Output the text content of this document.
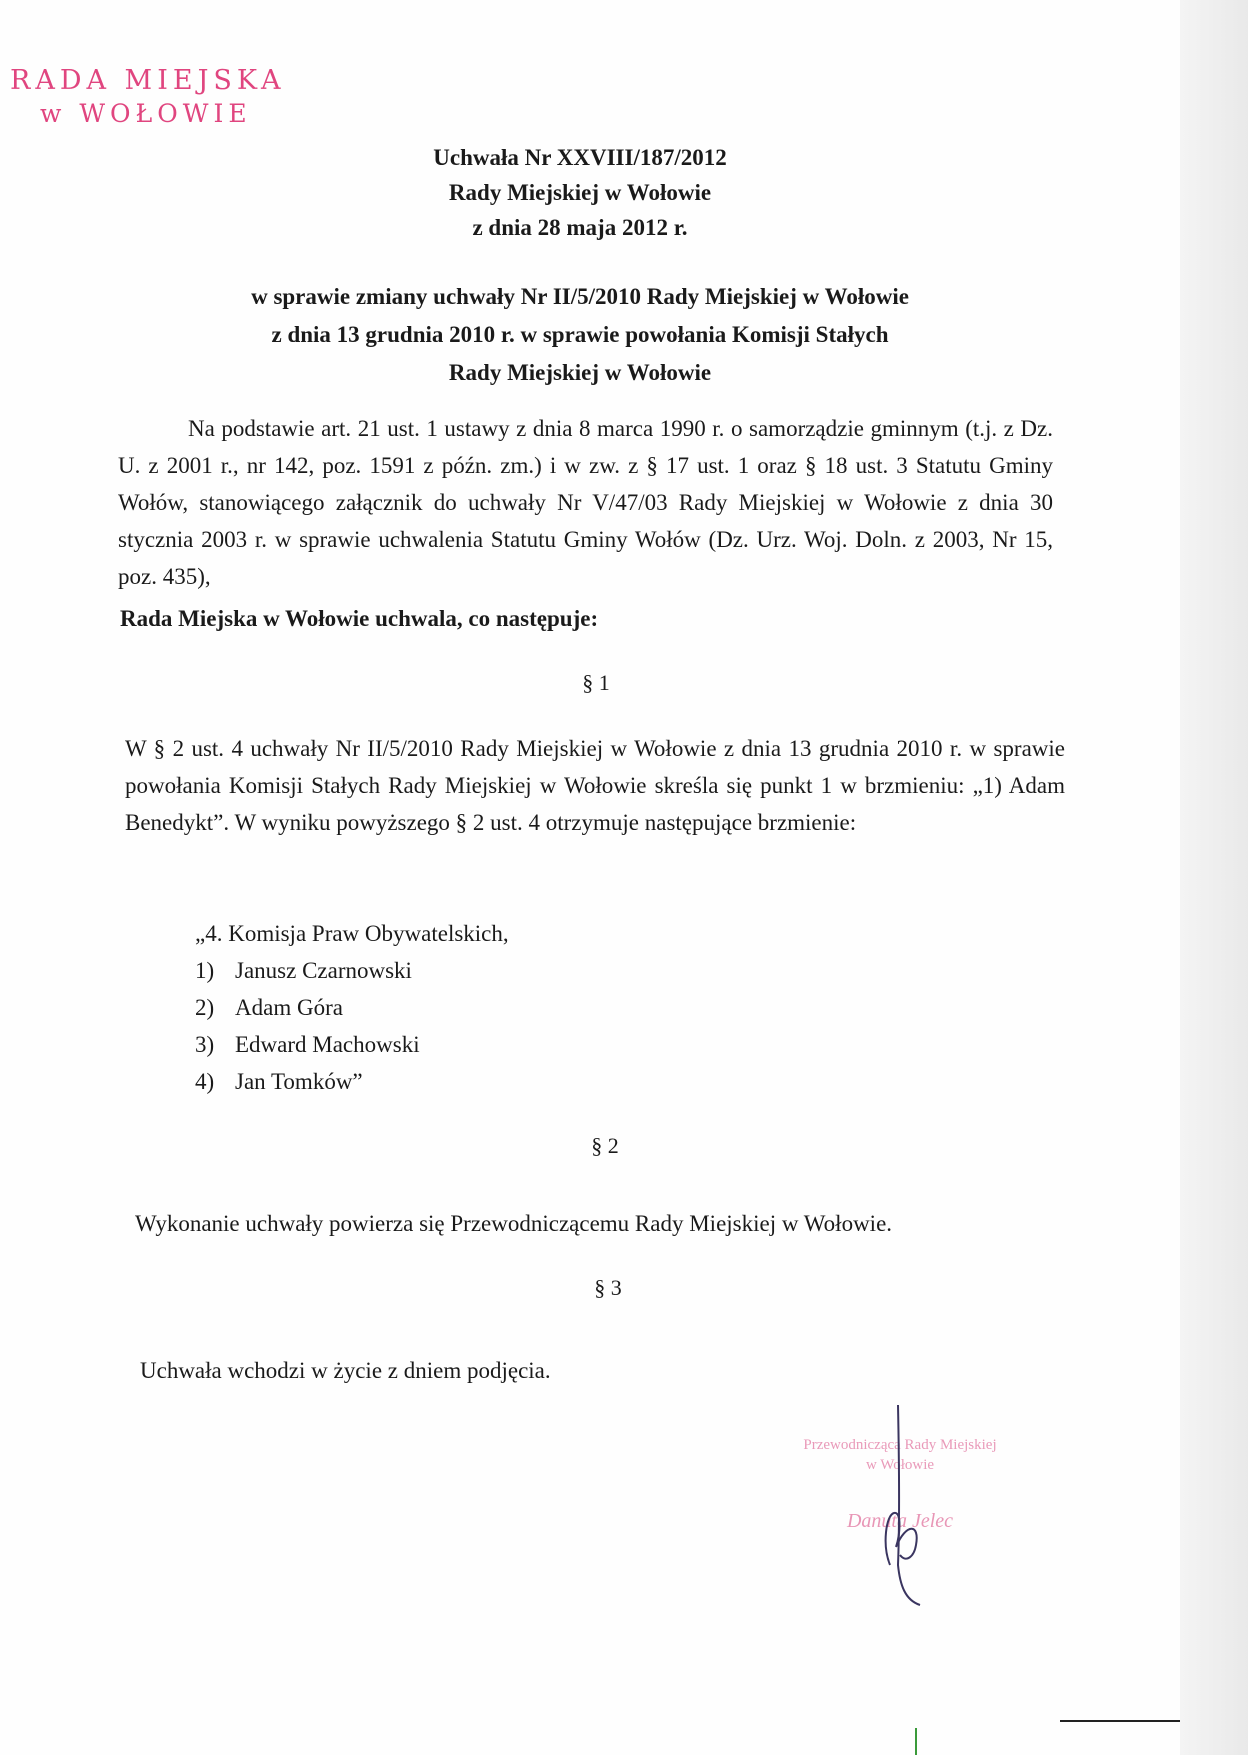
RADA MIEJSKA
w WOŁOWIE
Uchwała Nr XXVIII/187/2012
Rady Miejskiej w Wołowie
z dnia 28 maja 2012 r.
w sprawie zmiany uchwały Nr II/5/2010 Rady Miejskiej w Wołowie
z dnia 13 grudnia 2010 r. w sprawie powołania Komisji Stałych
Rady Miejskiej w Wołowie
Na podstawie art. 21 ust. 1 ustawy z dnia 8 marca 1990 r. o samorządzie gminnym (t.j. z Dz. U. z 2001 r., nr 142, poz. 1591 z późn. zm.) i w zw. z § 17 ust. 1 oraz § 18 ust. 3 Statutu Gminy Wołów, stanowiącego załącznik do uchwały Nr V/47/03 Rady Miejskiej w Wołowie z dnia 30 stycznia 2003 r. w sprawie uchwalenia Statutu Gminy Wołów (Dz. Urz. Woj. Doln. z 2003, Nr 15, poz. 435),
Rada Miejska w Wołowie uchwala, co następuje:
§ 1
W § 2 ust. 4 uchwały Nr II/5/2010 Rady Miejskiej w Wołowie z dnia 13 grudnia 2010 r. w sprawie powołania Komisji Stałych Rady Miejskiej w Wołowie skreśla się punkt 1 w brzmieniu: „1) Adam Benedykt”. W wyniku powyższego § 2 ust. 4 otrzymuje następujące brzmienie:
„4. Komisja Praw Obywatelskich,
1) Janusz Czarnowski
2) Adam Góra
3) Edward Machowski
4) Jan Tomków”
§ 2
Wykonanie uchwały powierza się Przewodniczącemu Rady Miejskiej w Wołowie.
§ 3
Uchwała wchodzi w życie z dniem podjęcia.
Przewodnicząca Rady Miejskiej
w Wołowie
Danuta Jelec
